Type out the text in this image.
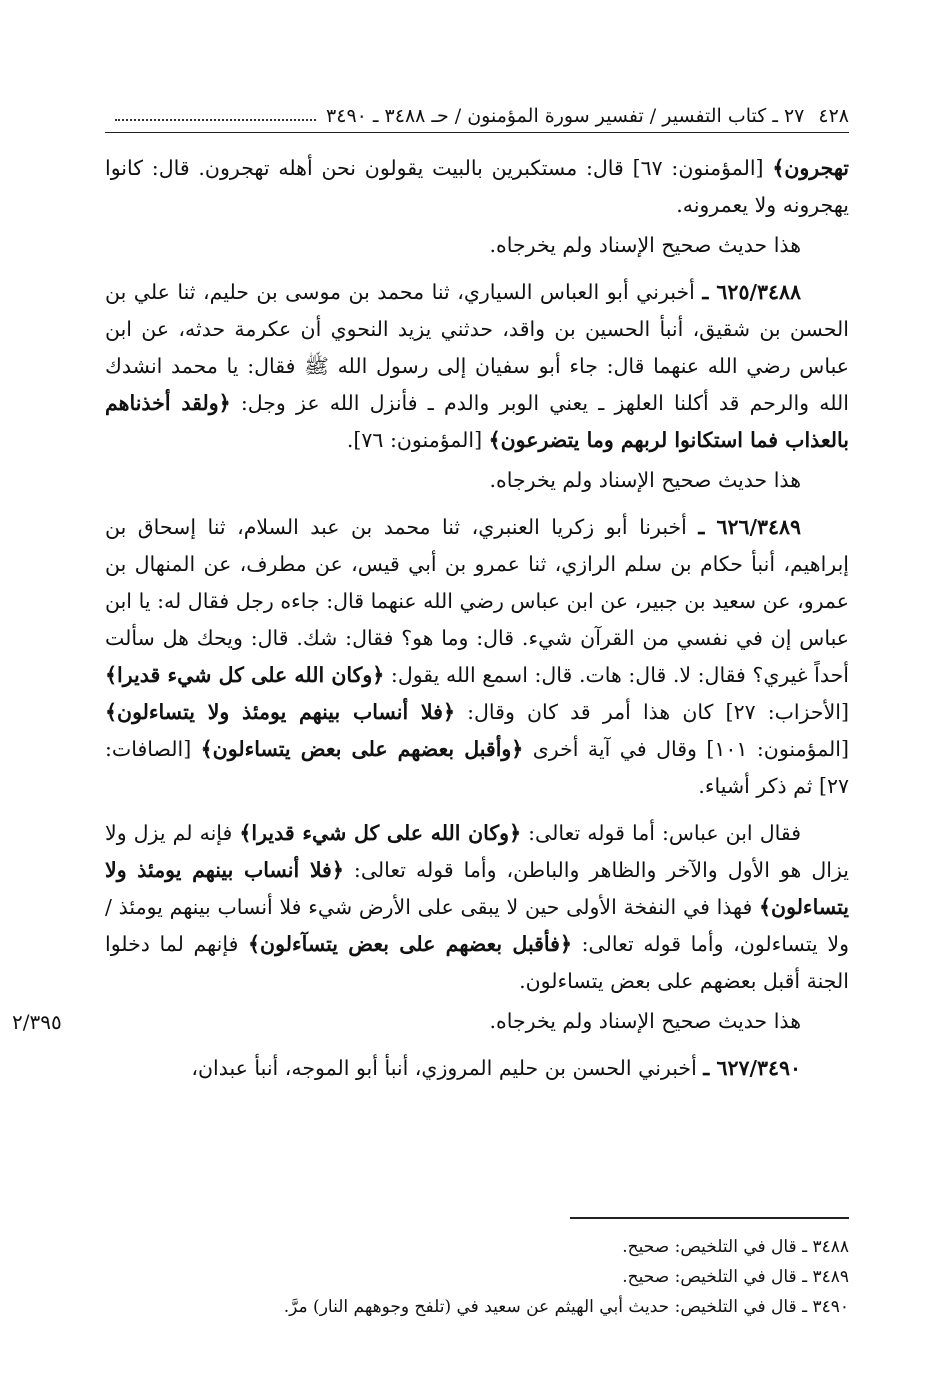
٤٢٨
٢٧ ـ كتاب التفسير / تفسير سورة المؤمنون / حـ ٣٤٨٨ ـ ٣٤٩٠

تهجرون﴾ [المؤمنون: ٦٧] قال: مستكبرين بالبيت يقولون نحن أهله تهجرون. قال: كانوا يهجرونه ولا يعمرونه.

هذا حديث صحيح الإسناد ولم يخرجاه.

٦٢٥/٣٤٨٨ ـ أخبرني أبو العباس السياري، ثنا محمد بن موسى بن حليم، ثنا علي بن الحسن بن شقيق، أنبأ الحسين بن واقد، حدثني يزيد النحوي أن عكرمة حدثه، عن ابن عباس رضي الله عنهما قال: جاء أبو سفيان إلى رسول الله ﷺ فقال: يا محمد انشدك الله والرحم قد أكلنا العلهز ـ يعني الوبر والدم ـ فأنزل الله عز وجل: ﴿ولقد أخذناهم بالعذاب فما استكانوا لربهم وما يتضرعون﴾ [المؤمنون: ٧٦].

هذا حديث صحيح الإسناد ولم يخرجاه.

٦٢٦/٣٤٨٩ ـ أخبرنا أبو زكريا العنبري، ثنا محمد بن عبد السلام، ثنا إسحاق بن إبراهيم، أنبأ حكام بن سلم الرازي، ثنا عمرو بن أبي قيس، عن مطرف، عن المنهال بن عمرو، عن سعيد بن جبير، عن ابن عباس رضي الله عنهما قال: جاءه رجل فقال له: يا ابن عباس إن في نفسي من القرآن شيء. قال: وما هو؟ فقال: شك. قال: ويحك هل سألت أحداً غيري؟ فقال: لا. قال: هات. قال: اسمع الله يقول: ﴿وكان الله على كل شيء قديرا﴾ [الأحزاب: ٢٧] كان هذا أمر قد كان وقال: ﴿فلا أنساب بينهم يومئذ ولا يتساءلون﴾ [المؤمنون: ١٠١] وقال في آية أخرى ﴿وأقبل بعضهم على بعض يتساءلون﴾ [الصافات: ٢٧] ثم ذكر أشياء.

فقال ابن عباس: أما قوله تعالى: ﴿وكان الله على كل شيء قديرا﴾ فإنه لم يزل ولا يزال هو الأول والآخر والظاهر والباطن، وأما قوله تعالى: ﴿فلا أنساب بينهم يومئذ ولا يتساءلون﴾ فهذا في النفخة الأولى حين لا يبقى على الأرض شيء فلا أنساب بينهم يومئذ / ولا يتساءلون، وأما قوله تعالى: ﴿فأقبل بعضهم على بعض يتسآءلون﴾ فإنهم لما دخلوا الجنة أقبل بعضهم على بعض يتساءلون.

هذا حديث صحيح الإسناد ولم يخرجاه.

٦٢٧/٣٤٩٠ ـ أخبرني الحسن بن حليم المروزي، أنبأ أبو الموجه، أنبأ عبدان،

٢/٣٩٥
٣٤٨٨ ـ قال في التلخيص: صحيح.
٣٤٨٩ ـ قال في التلخيص: صحيح.
٣٤٩٠ ـ قال في التلخيص: حديث أبي الهيثم عن سعيد في (تلفح وجوههم النار) مرَّ.
